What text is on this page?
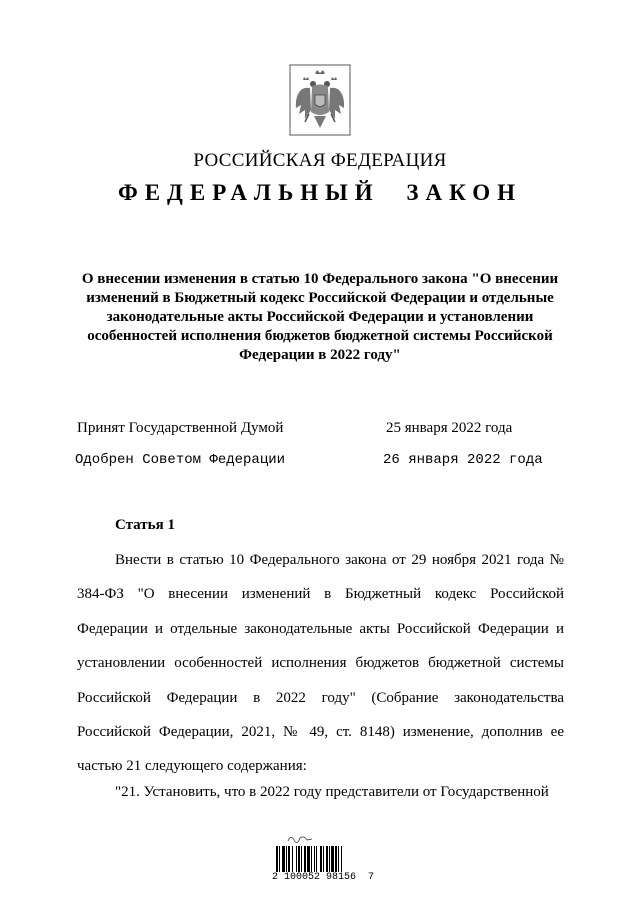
РОССИЙСКАЯ ФЕДЕРАЦИЯ
ФЕДЕРАЛЬНЫЙ ЗАКОН
О внесении изменения в статью 10 Федерального закона "О внесении изменений в Бюджетный кодекс Российской Федерации и отдельные законодательные акты Российской Федерации и установлении особенностей исполнения бюджетов бюджетной системы Российской Федерации в 2022 году"
Принят Государственной Думой	25 января 2022 года
Одобрен Советом Федерации	26 января 2022 года
Статья 1

Внести в статью 10 Федерального закона от 29 ноября 2021 года № 384-ФЗ "О внесении изменений в Бюджетный кодекс Российской Федерации и отдельные законодательные акты Российской Федерации и установлении особенностей исполнения бюджетов бюджетной системы Российской Федерации в 2022 году" (Собрание законодательства Российской Федерации, 2021, № 49, ст. 8148) изменение, дополнив ее частью 21 следующего содержания:

"21. Установить, что в 2022 году представители от Государственной

2 100052 98156  7
